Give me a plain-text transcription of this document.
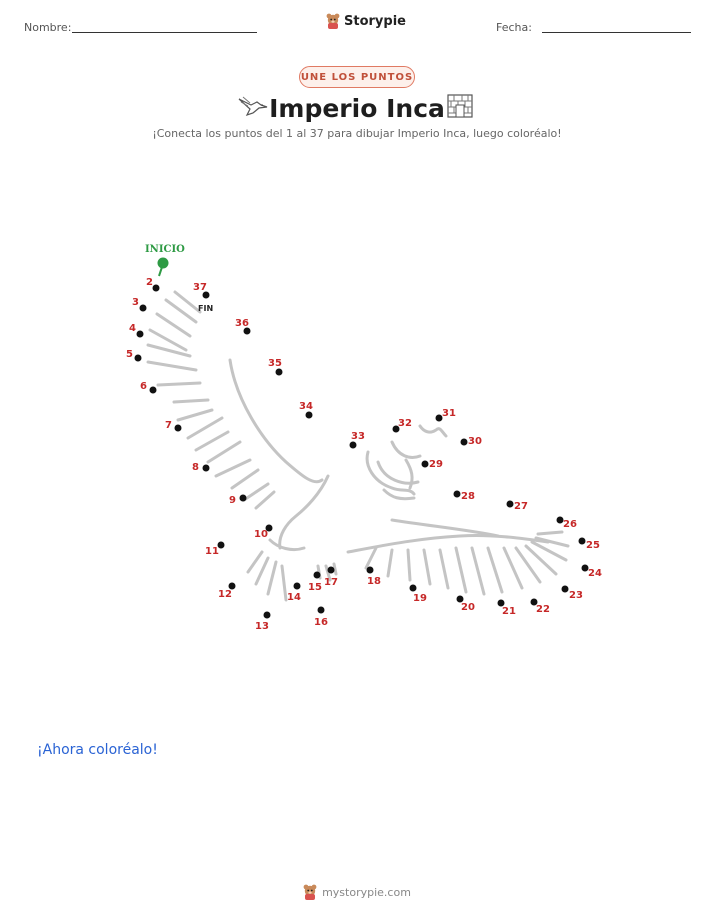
Nombre:	Storypie	Fecha:
UNE LOS PUNTOS
Imperio Inca
¡Conecta los puntos del 1 al 37 para dibujar Imperio Inca, luego coloréalo!
INICIO
2
3
4
5
6
7
8
9
10
11
12
13
14
15
16
17	18
19
20	21 22
23
24
25
26
27
28
29
30
31
32
33
34
35
36
37
FIN
¡Ahora coloréalo!
mystorypie.com
